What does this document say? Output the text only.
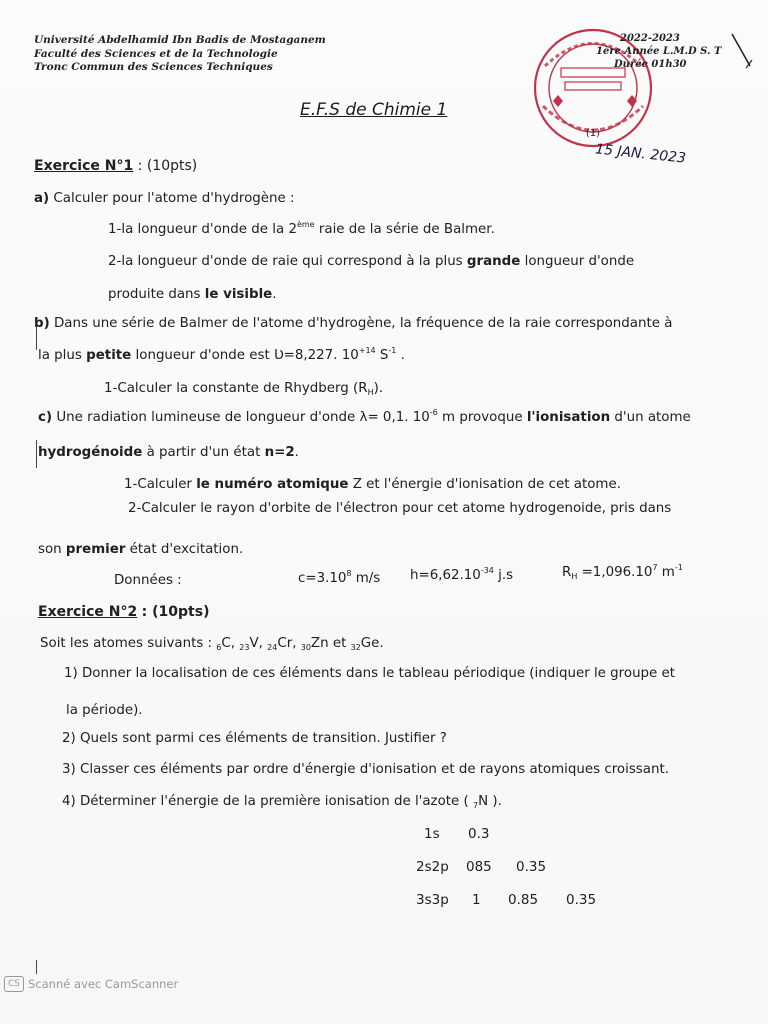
Université Abdelhamid Ibn Badis de Mostaganem
Faculté des Sciences et de la Technologie
Tronc Commun des Sciences Techniques
(1)
15 JAN. 2023
2022-2023
1ère Année L.M.D S. T
Durée 01h30
E.F.S de Chimie 1
Exercice N°1 : (10pts)
a) Calculer pour l'atome d'hydrogène :
1-la longueur d'onde de la 2ème raie de la série de Balmer.
2-la longueur d'onde de raie qui correspond à la plus grande longueur d'onde
produite dans le visible.
b) Dans une série de Balmer de l'atome d'hydrogène, la fréquence de la raie correspondante à
la plus petite longueur d'onde est Ʋ=8,227. $10^{+14}$ $S^{-1}$ .
1-Calculer la constante de Rhydberg $(R_H)$.
c) Une radiation lumineuse de longueur d'onde λ= 0,1. $10^{-6}$ m provoque l'ionisation d'un atome
hydrogénoide à partir d'un état n=2.
1-Calculer le numéro atomique Z et l'énergie d'ionisation de cet atome.
2-Calculer le rayon d'orbite de l'électron pour cet atome hydrogenoide, pris dans
son premier état d'excitation.
Données :	$c=3.10^8$ m/s $h=6,62.10^{-34}$ j.s	$R_H =1,096.10^7$ $m^{-1}$
Exercice N°2 : (10pts)
Soit les atomes suivants : $_6$C, $_{23}$V, $_{24}$Cr, $_{30}$Zn et $_{32}$Ge.
1) Donner la localisation de ces éléments dans le tableau périodique (indiquer le groupe et
la période).
2) Quels sont parmi ces éléments de transition. Justifier ?
3) Classer ces éléments par ordre d'énergie d'ionisation et de rayons atomiques croissant.
4) Déterminer l'énergie de la première ionisation de l'azote ( $_7$N ).
1s 0.3
2s2p 085 0.35
3s3p 1 0.85 0.35
CS Scanné avec CamScanner
